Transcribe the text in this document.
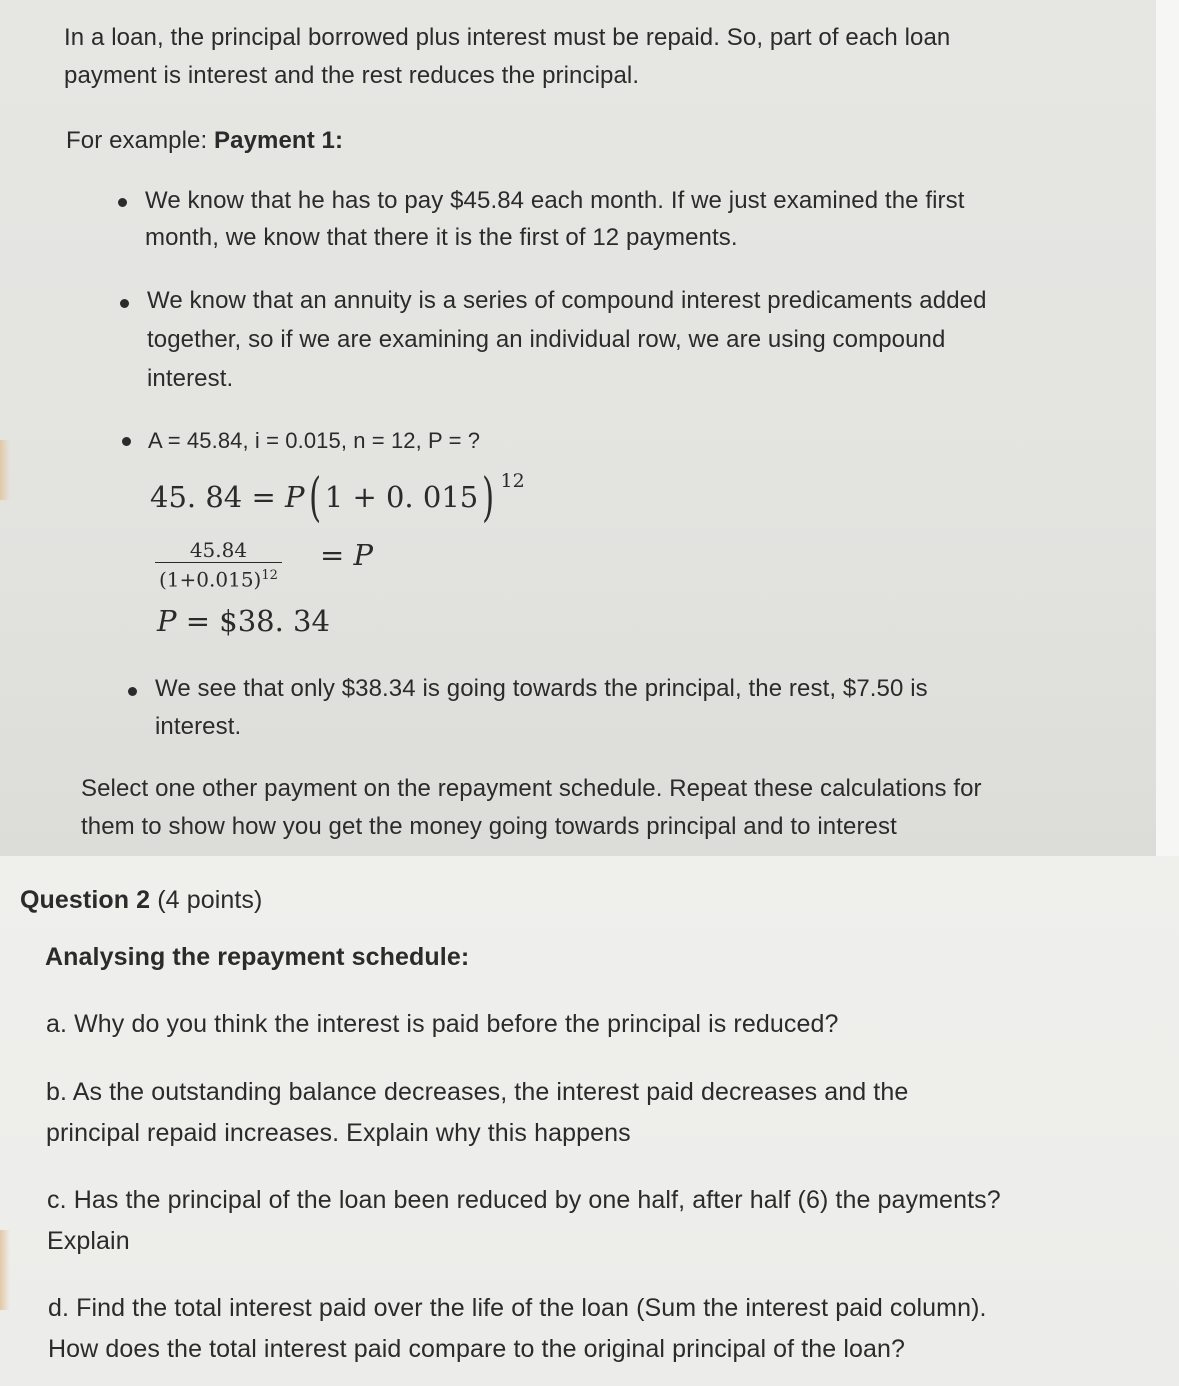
In a loan, the principal borrowed plus interest must be repaid. So, part of each loan

payment is interest and the rest reduces the principal.

For example: Payment 1:

We know that he has to pay $45.84 each month. If we just examined the first

month, we know that there it is the first of 12 payments.

We know that an annuity is a series of compound interest predicaments added

together, so if we are examining an individual row, we are using compound

interest.

A = 45.84, i = 0.015, n = 12, P = ?

45. 84 = P( 1 + 0. 015) $^{12}$
$\frac{45.84}{(1+0.015)^{12}} = P$
P = $38. 34

We see that only $38.34 is going towards the principal, the rest, $7.50 is

interest.

Select one other payment on the repayment schedule. Repeat these calculations for

them to show how you get the money going towards principal and to interest

Question 2 (4 points)

Analysing the repayment schedule:

a. Why do you think the interest is paid before the principal is reduced?

b. As the outstanding balance decreases, the interest paid decreases and the

principal repaid increases. Explain why this happens

c. Has the principal of the loan been reduced by one half, after half (6) the payments?

Explain

d. Find the total interest paid over the life of the loan (Sum the interest paid column).

How does the total interest paid compare to the original principal of the loan?
